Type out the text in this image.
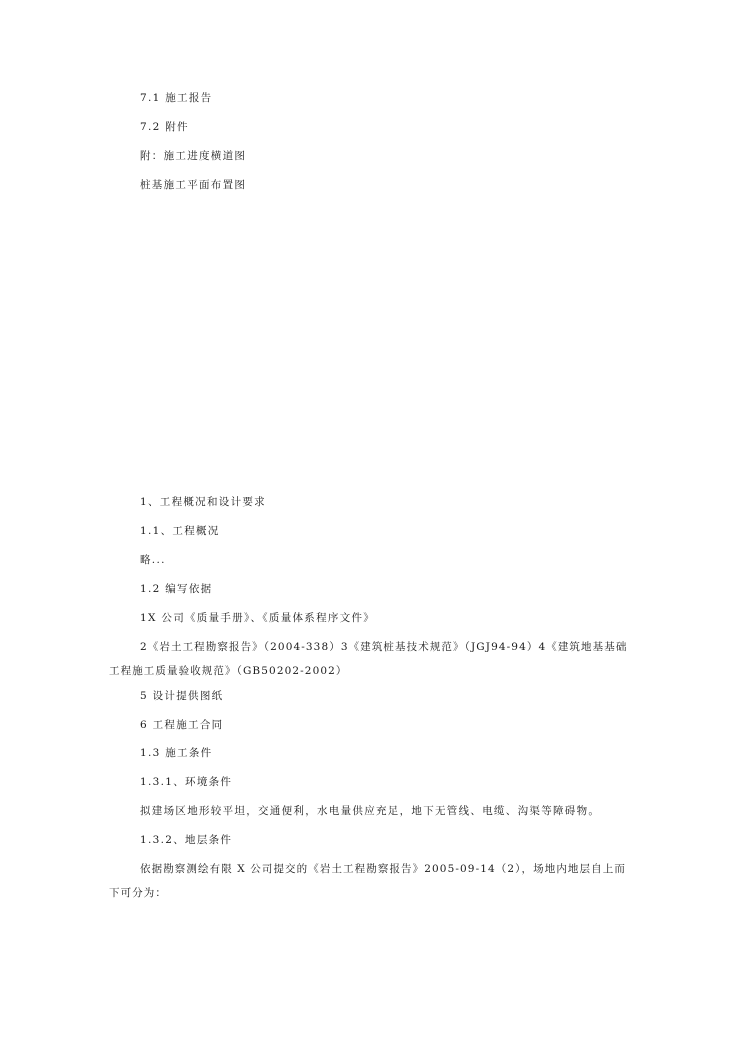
7.1 施工报告
7.2 附件
附：施工进度横道图
桩基施工平面布置图
1、工程概况和设计要求
1.1、工程概况
略...
1.2 编写依据
1X 公司《质量手册》、《质量体系程序文件》
2《岩土工程勘察报告》（2004-338）3《建筑桩基技术规范》（JGJ94-94）4《建筑地基基础工程施工质量验收规范》（GB50202-2002）
5 设计提供图纸
6 工程施工合同
1.3 施工条件
1.3.1、环境条件
拟建场区地形较平坦，交通便利，水电量供应充足，地下无管线、电缆、沟渠等障碍物。
1.3.2、地层条件
依据勘察测绘有限 X 公司提交的《岩土工程勘察报告》2005-09-14（2），场地内地层自上而下可分为：
